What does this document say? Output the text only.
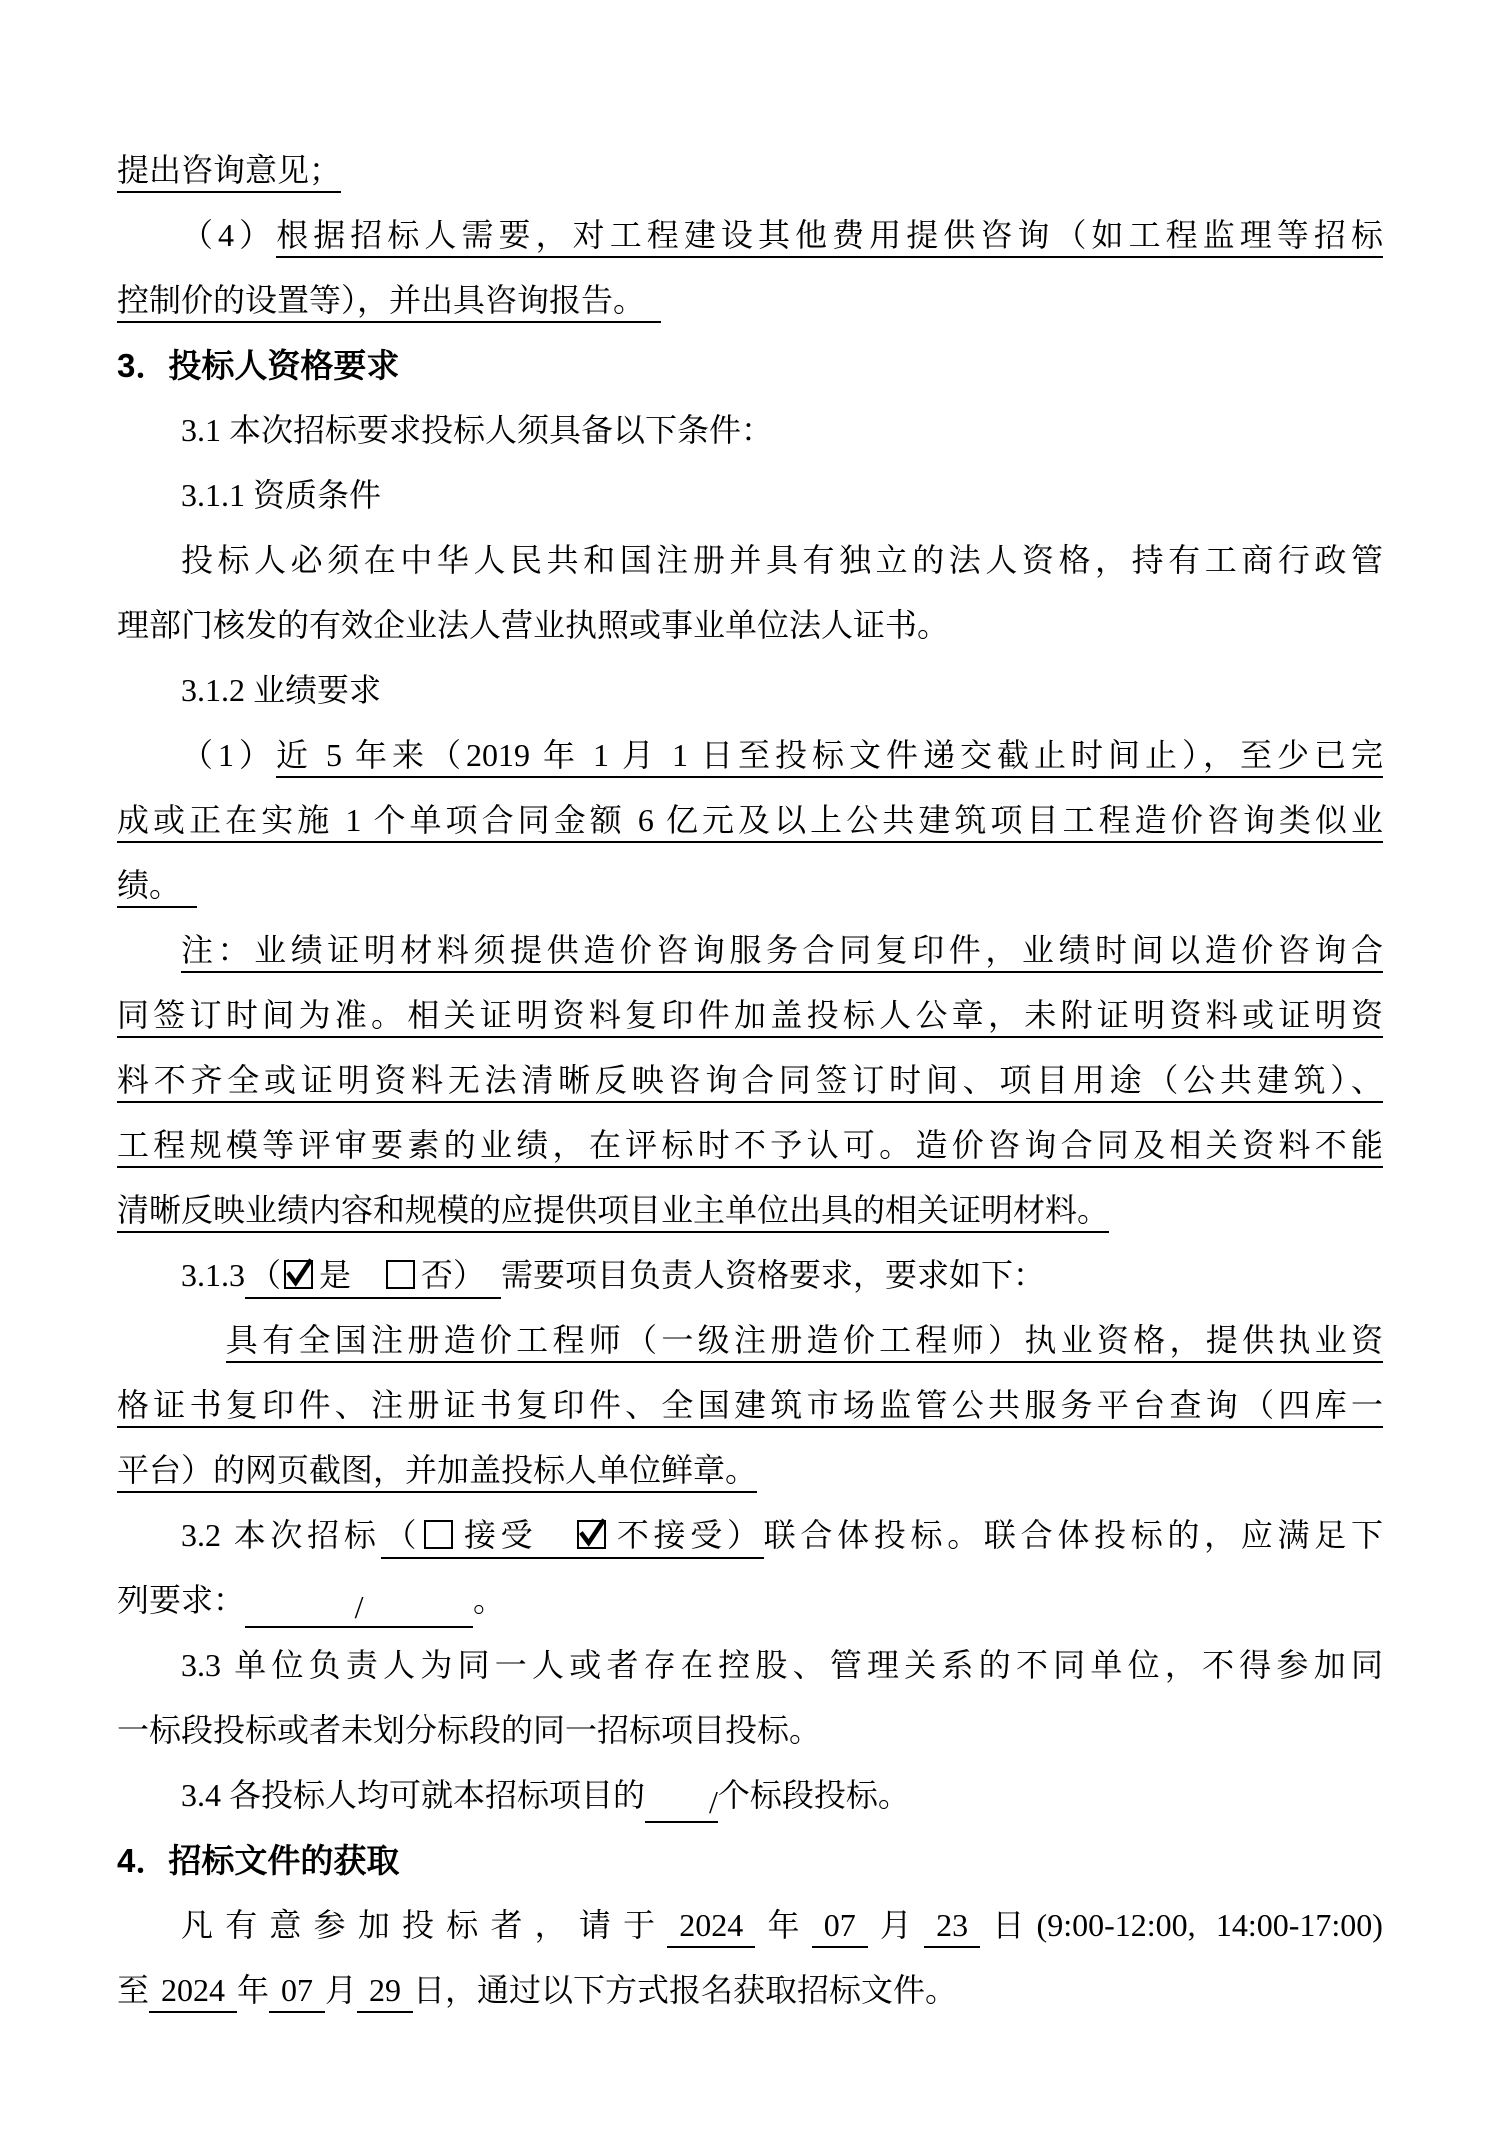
提出咨询意见；
（4）根据招标人需要，对工程建设其他费用提供咨询（如工程监理等招标
控制价的设置等），并出具咨询报告。　
3．投标人资格要求
3.1 本次招标要求投标人须具备以下条件：
3.1.1 资质条件
投标人必须在中华人民共和国注册并具有独立的法人资格，持有工商行政管
理部门核发的有效企业法人营业执照或事业单位法人证书。
3.1.2 业绩要求
（1）近 5 年来（2019 年 1 月 1 日至投标文件递交截止时间止），至少已完
成或正在实施 1 个单项合同金额 6 亿元及以上公共建筑项目工程造价咨询类似业
绩。　
注：业绩证明材料须提供造价咨询服务合同复印件，业绩时间以造价咨询合
同签订时间为准。相关证明资料复印件加盖投标人公章，未附证明资料或证明资
料不齐全或证明资料无法清晰反映咨询合同签订时间、项目用途（公共建筑）、
工程规模等评审要素的业绩，在评标时不予认可。造价咨询合同及相关资料不能
清晰反映业绩内容和规模的应提供项目业主单位出具的相关证明材料。
3.1.3 （ 是　否）　需要项目负责人资格要求，要求如下：
具有全国注册造价工程师（一级注册造价工程师）执业资格，提供执业资
格证书复印件、注册证书复印件、全国建筑市场监管公共服务平台查询（四库一
平台）的网页截图，并加盖投标人单位鲜章。
3.2 本次招标 （ 接受　
不接受）联合体投标。联合体投标的，应满足下
列要求：	/	。
3.3 单位负责人为同一人或者存在控股、管理关系的不同单位，不得参加同
一标段投标或者未划分标段的同一招标项目投标。
3.4 各投标人均可就本招标项目的 /个标段投标。
4．招标文件的获取
凡有意参加投标者，请于 2024 年 07 月 23 日(9:00-12:00, 14:00-17:00)
至 2024 年 07 月 29 日，通过以下方式报名获取招标文件。
